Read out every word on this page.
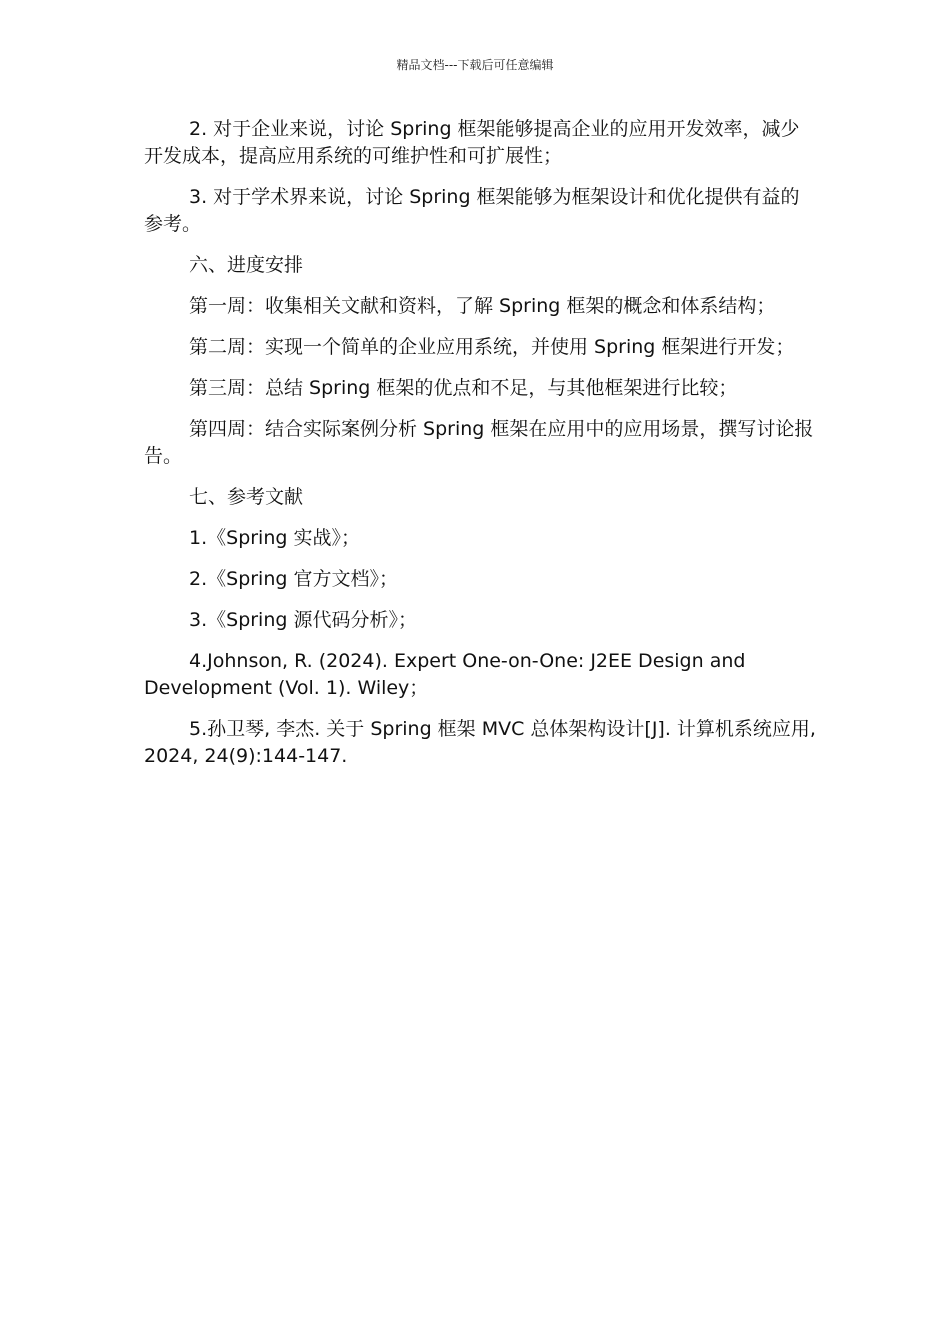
精品文档---下载后可任意编辑

2. 对于企业来说，讨论 Spring 框架能够提高企业的应用开发效率，减少开发成本，提高应用系统的可维护性和可扩展性；

3. 对于学术界来说，讨论 Spring 框架能够为框架设计和优化提供有益的参考。

六、进度安排

第一周：收集相关文献和资料，了解 Spring 框架的概念和体系结构；

第二周：实现一个简单的企业应用系统，并使用 Spring 框架进行开发；

第三周：总结 Spring 框架的优点和不足，与其他框架进行比较；

第四周：结合实际案例分析 Spring 框架在应用中的应用场景，撰写讨论报告。

七、参考文献

1.《Spring 实战》；

2.《Spring 官方文档》；

3.《Spring 源代码分析》；

4.Johnson, R. (2024). Expert One-on-One: J2EE Design and Development (Vol. 1). Wiley；

5.孙卫琴, 李杰. 关于 Spring 框架 MVC 总体架构设计[J]. 计算机系统应用, 2024, 24(9):144-147.
